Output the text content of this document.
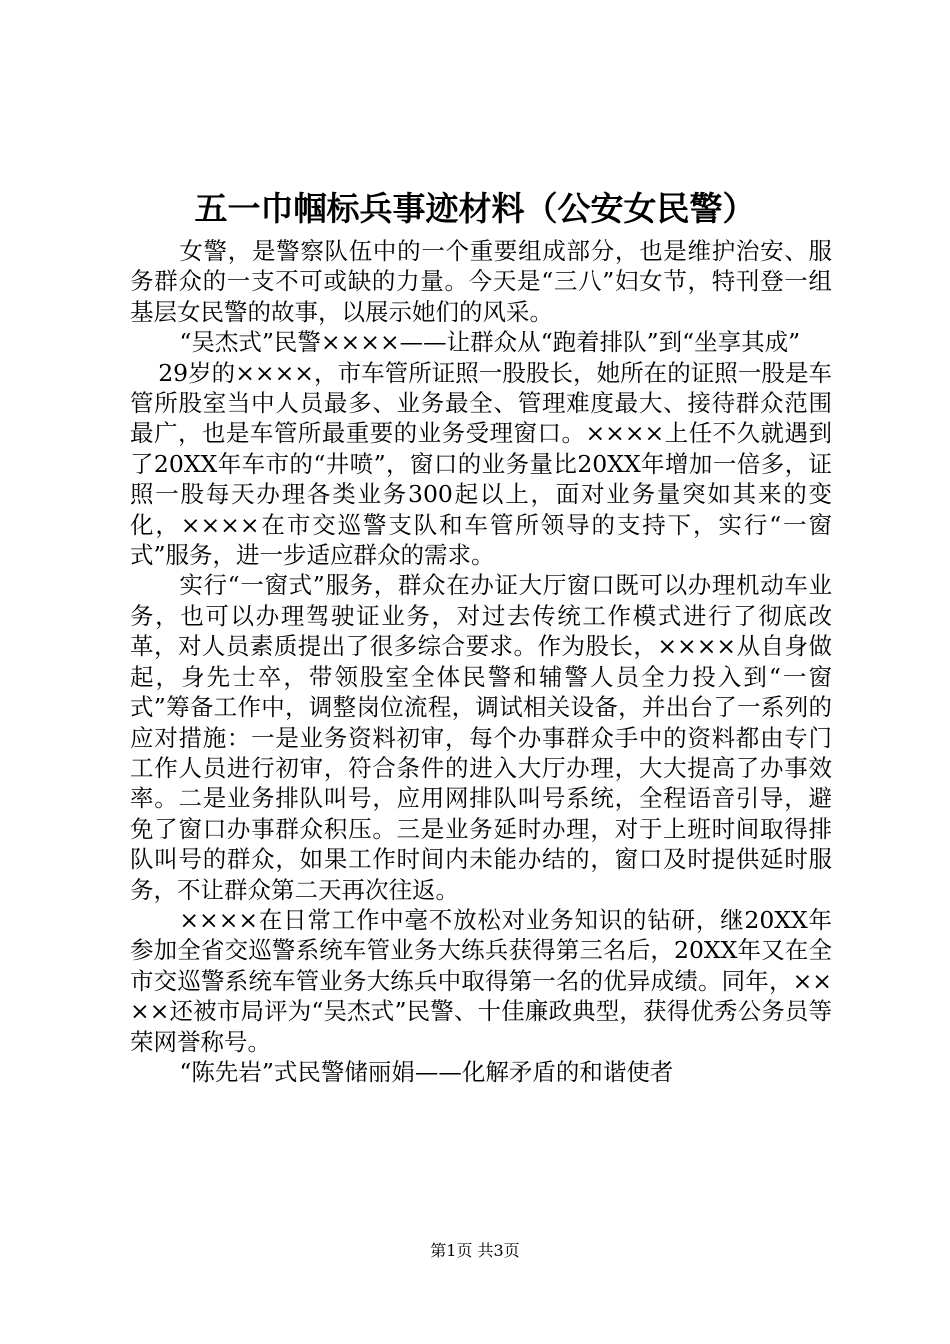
五一巾帼标兵事迹材料（公安女民警）

女警，是警察队伍中的一个重要组成部分，也是维护治安、服务群众的一支不可或缺的力量。今天是“三八”妇女节，特刊登一组基层女民警的故事，以展示她们的风采。

“吴杰式”民警××××——让群众从“跑着排队”到“坐享其成”

29岁的××××，市车管所证照一股股长，她所在的证照一股是车管所股室当中人员最多、业务最全、管理难度最大、接待群众范围最广，也是车管所最重要的业务受理窗口。××××上任不久就遇到了20XX年车市的“井喷”，窗口的业务量比20XX年增加一倍多，证照一股每天办理各类业务300起以上，面对业务量突如其来的变化，××××在市交巡警支队和车管所领导的支持下，实行“一窗式”服务，进一步适应群众的需求。

实行“一窗式”服务，群众在办证大厅窗口既可以办理机动车业务，也可以办理驾驶证业务，对过去传统工作模式进行了彻底改革，对人员素质提出了很多综合要求。作为股长，××××从自身做起，身先士卒，带领股室全体民警和辅警人员全力投入到“一窗式”筹备工作中，调整岗位流程，调试相关设备，并出台了一系列的应对措施：一是业务资料初审，每个办事群众手中的资料都由专门工作人员进行初审，符合条件的进入大厅办理，大大提高了办事效率。二是业务排队叫号，应用网排队叫号系统，全程语音引导，避免了窗口办事群众积压。三是业务延时办理，对于上班时间取得排队叫号的群众，如果工作时间内未能办结的，窗口及时提供延时服务，不让群众第二天再次往返。

××××在日常工作中毫不放松对业务知识的钻研，继20XX年参加全省交巡警系统车管业务大练兵获得第三名后，20XX年又在全市交巡警系统车管业务大练兵中取得第一名的优异成绩。同年，××××还被市局评为“吴杰式”民警、十佳廉政典型，获得优秀公务员等荣网誉称号。

“陈先岩”式民警储丽娟——化解矛盾的和谐使者

第1页 共3页
